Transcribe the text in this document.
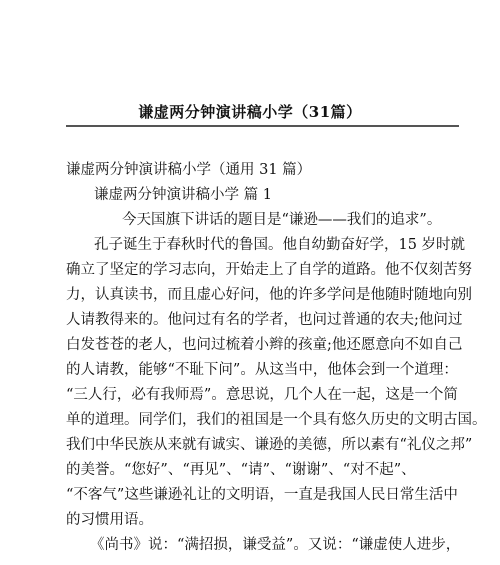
谦虚两分钟演讲稿小学（31篇）

谦虚两分钟演讲稿小学（通用 31 篇）

谦虚两分钟演讲稿小学 篇 1

今天国旗下讲话的题目是“谦逊——我们的追求”。

孔子诞生于春秋时代的鲁国。他自幼勤奋好学，15 岁时就

确立了坚定的学习志向，开始走上了自学的道路。他不仅刻苦努

力，认真读书，而且虚心好问，他的许多学问是他随时随地向别

人请教得来的。他问过有名的学者，也问过普通的农夫;他问过

白发苍苍的老人，也问过梳着小辫的孩童;他还愿意向不如自己

的人请教，能够“不耻下问”。从这当中，他体会到一个道理：

“三人行，必有我师焉”。意思说，几个人在一起，这是一个简

单的道理。同学们，我们的祖国是一个具有悠久历史的文明古国。

我们中华民族从来就有诚实、谦逊的美德，所以素有“礼仪之邦”

的美誉。“您好”、“再见”、“请”、“谢谢”、“对不起”、

“不客气”这些谦逊礼让的文明语，一直是我国人民日常生活中

的习惯用语。

《尚书》说：“满招损，谦受益”。又说：“谦虚使人进步，
